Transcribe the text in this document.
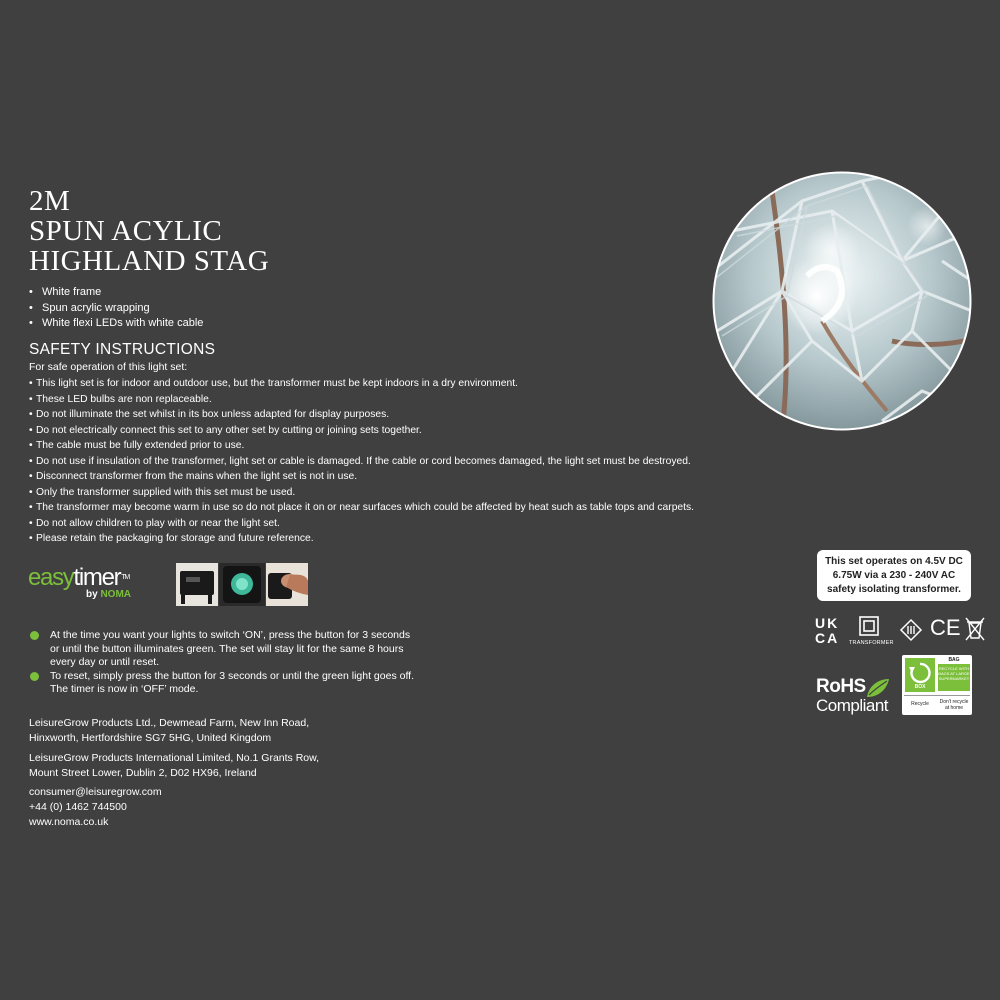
2M
SPUN ACYLIC
HIGHLAND STAG
• White frame
• Spun acrylic wrapping
• White flexi LEDs with white cable
SAFETY INSTRUCTIONS

For safe operation of this light set:

• This light set is for indoor and outdoor use, but the transformer must be kept indoors in a dry environment.
• These LED bulbs are non replaceable.
• Do not illuminate the set whilst in its box unless adapted for display purposes.
• Do not electrically connect this set to any other set by cutting or joining sets together.
• The cable must be fully extended prior to use.
• Do not use if insulation of the transformer, light set or cable is damaged. If the cable or cord becomes damaged, the light set must be destroyed.
• Disconnect transformer from the mains when the light set is not in use.
• Only the transformer supplied with this set must be used.
• The transformer may become warm in use so do not place it on or near surfaces which could be affected by heat such as table tops and carpets.
• Do not allow children to play with or near the light set.
• Please retain the packaging for storage and future reference.
easytimer™
by NOMA
At the time you want your lights to switch ‘ON’, press the button for 3 seconds
or until the button illuminates green. The set will stay lit for the same 8 hours
every day or until reset.
To reset, simply press the button for 3 seconds or until the green light goes off.
The timer is now in ‘OFF’ mode.
LeisureGrow Products Ltd., Dewmead Farm, New Inn Road,
Hinxworth, Hertfordshire SG7 5HG, United Kingdom
LeisureGrow Products International Limited, No.1 Grants Row,
Mount Street Lower, Dublin 2, D02 HX96, Ireland
consumer@leisuregrow.com
+44 (0) 1462 744500
www.noma.co.uk
This set operates on 4.5V DC
6.75W via a 230 - 240V AC
safety isolating transformer.
UK
CA	TRANSFORMER
CE
RoHS
Compliant
BOX
BAG
RECYCLE WITH BAGS AT LARGE SUPERMARKET
Recycle	Don't recycle at home
